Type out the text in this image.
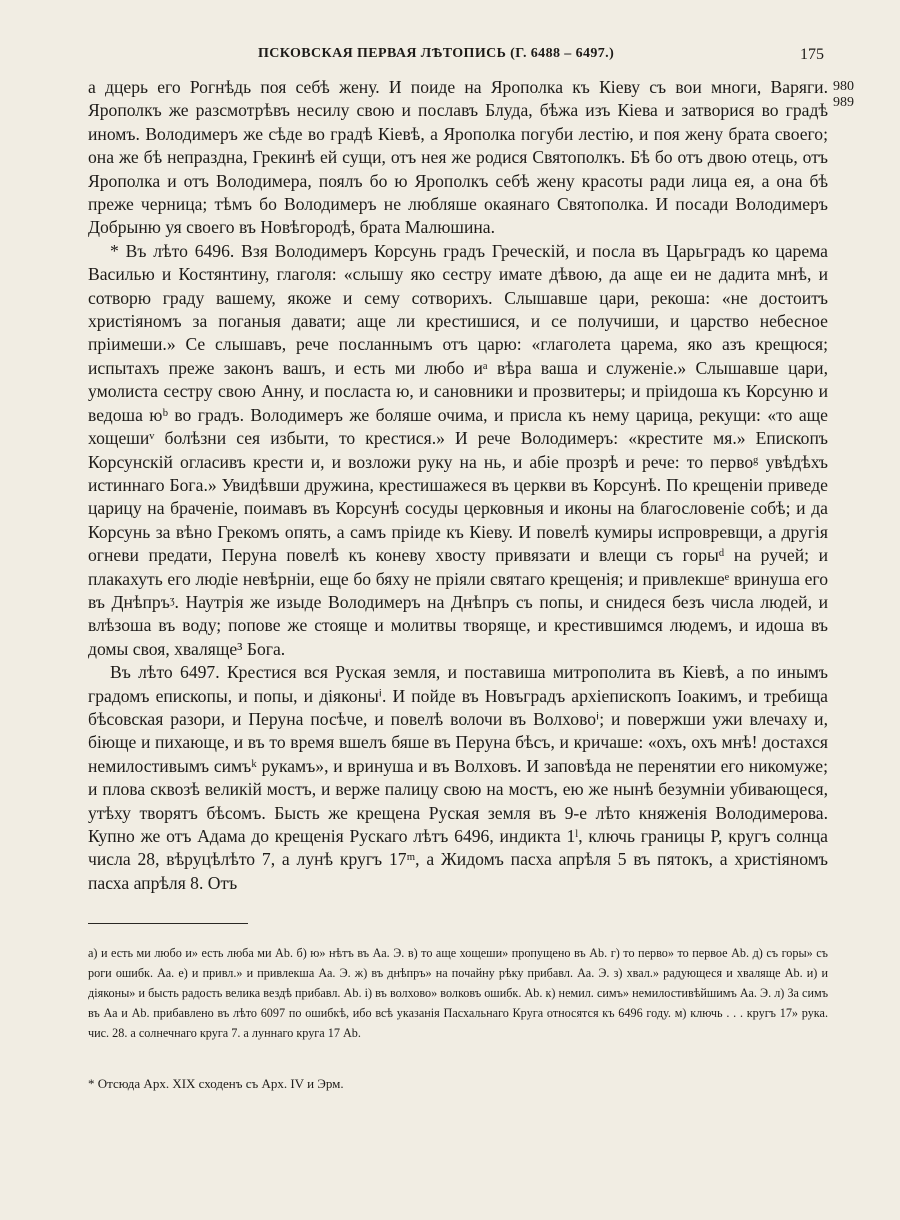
ПСКОВСКАЯ ПЕРВАЯ ЛѢТОПИСЬ (Г. 6488 – 6497.)	175
980
989

а дцерь его Рогнѣдь поя себѣ жену. И поиде на Ярополка къ Кіеву съ вои многи, Варяги. Ярополкъ же разсмотрѣвъ несилу свою и пославъ Блуда, бѣжа изъ Кіева и затворися во градѣ иномъ. Володимеръ же сѣде во градѣ Кіевѣ, а Ярополка погуби лестію, и поя жену брата своего; она же бѣ непраздна, Грекинѣ ей сущи, отъ нея же родися Святополкъ. Бѣ бо отъ двою отець, отъ Ярополка и отъ Володимера, поялъ бо ю Ярополкъ себѣ жену красоты ради лица ея, а она бѣ преже черница; тѣмъ бо Володимеръ не любляше окаянаго Святополка. И посади Володимеръ Добрыню уя своего въ Новѣгородѣ, брата Малюшина.

* Въ лѣто 6496. Взя Володимеръ Корсунь градъ Греческій, и посла въ Царьградъ ко царема Василью и Костянтину, глаголя: «слышу яко сестру имате дѣвою, да аще еи не дадита мнѣ, и сотворю граду вашему, якоже и сему сотворихъ. Слышавше цари, рекоша: «не достоитъ христіяномъ за поганыя давати; аще ли крестишися, и се получиши, и царство небесное пріимеши.» Се слышавъ, рече посланнымъ отъ царю: «глаголета царема, яко азъ крещюся; испытахъ преже законъ вашъ, и есть ми любо иᵃ вѣра ваша и служеніе.» Слышавше цари, умолиста сестру свою Анну, и посласта ю, и сановники и прозвитеры; и пріидоша къ Корсуню и ведоша юᵇ во градъ. Володимеръ же боляше очима, и присла къ нему царица, рекущи: «то аще хощешиᵛ болѣзни сея избыти, то крестися.» И рече Володимеръ: «крестите мя.» Епископъ Корсунскій огласивъ крести и, и возложи руку на нь, и абіе прозрѣ и рече: то первоᵍ увѣдѣхъ истиннаго Бога.» Увидѣвши дружина, крестишажеся въ церкви въ Корсунѣ. По крещеніи приведе царицу на браченіе, поимавъ въ Корсунѣ сосуды церковныя и иконы на благословеніе собѣ; и да Корсунь за вѣно Грекомъ опять, а самъ пріиде къ Кіеву. И повелѣ кумиры испровревщи, а другія огневи предати, Перуна повелѣ къ коневу хвосту привязати и влещи съ горыᵈ на ручей; и плакахуть его людіе невѣрніи, еще бо бяху не пріяли святаго крещенія; и привлекшеᵉ вринуша его въ Днѣпръᶾ. Наутрія же изыде Володимеръ на Днѣпръ съ попы, и снидеся безъ числа людей, и влѣзоша въ воду; попове же стояще и молитвы творяще, и крестившимся людемъ, и идоша въ домы своя, хваляще³ Бога.

Въ лѣто 6497. Крестися вся Руская земля, и поставиша митрополита въ Кіевѣ, а по инымъ градомъ епископы, и попы, и діяконыⁱ. И пойде въ Новъградъ архіепископъ Іоакимъ, и требища бѣсовская разори, и Перуна посѣче, и повелѣ волочи въ Волховоⁱ; и повержши ужи влечаху и, біюще и пихающе, и въ то время вшелъ бяше въ Перуна бѣсъ, и кричаше: «охъ, охъ мнѣ! достахся немилостивымъ симъᵏ рукамъ», и вринуша и въ Волховъ. И заповѣда не перенятии его никомуже; и плова сквозѣ великій мостъ, и верже палицу свою на мостъ, ею же нынѣ безумніи убивающеся, утѣху творятъ бѣсомъ. Бысть же крещена Руская земля въ 9-е лѣто княженія Володимерова. Купно же отъ Адама до крещенія Рускаго лѣтъ 6496, индикта 1ˡ, ключь границы Р, кругъ солнца числа 28, вѣруцѣлѣто 7, а лунѣ кругъ 17ᵐ, а Жидомъ пасха апрѣля 5 въ пятокъ, а христіяномъ пасха апрѣля 8. Отъ

а) и есть ми любо и» есть люба ми Аb. б) ю» нѣтъ въ Аа. Э. в) то аще хощеши» пропущено въ Аb. г) то перво» то первое Аb. д) съ горы» съ роги ошибк. Аа. е) и привл.» и привлекша Аа. Э. ж) въ днѣпръ» на почайну рѣку прибавл. Аа. Э. з) хвал.» радующеся и хваляще Аb. и) и діяконы» и бысть радость велика вездѣ прибавл. Аb. і) въ волхово» волковъ ошибк. Аb. к) немил. симъ» немилостивѣйшимъ Аа. Э. л) За симъ въ Аа и Аb. прибавлено въ лѣто 6097 по ошибкѣ, ибо всѣ указанія Пасхальнаго Круга относятся къ 6496 году. м) ключь . . . кругъ 17» рука. чис. 28. а солнечнаго круга 7. а луннаго круга 17 Аb.

* Отсюда Арх. XIX сходенъ съ Арх. IV и Эрм.
